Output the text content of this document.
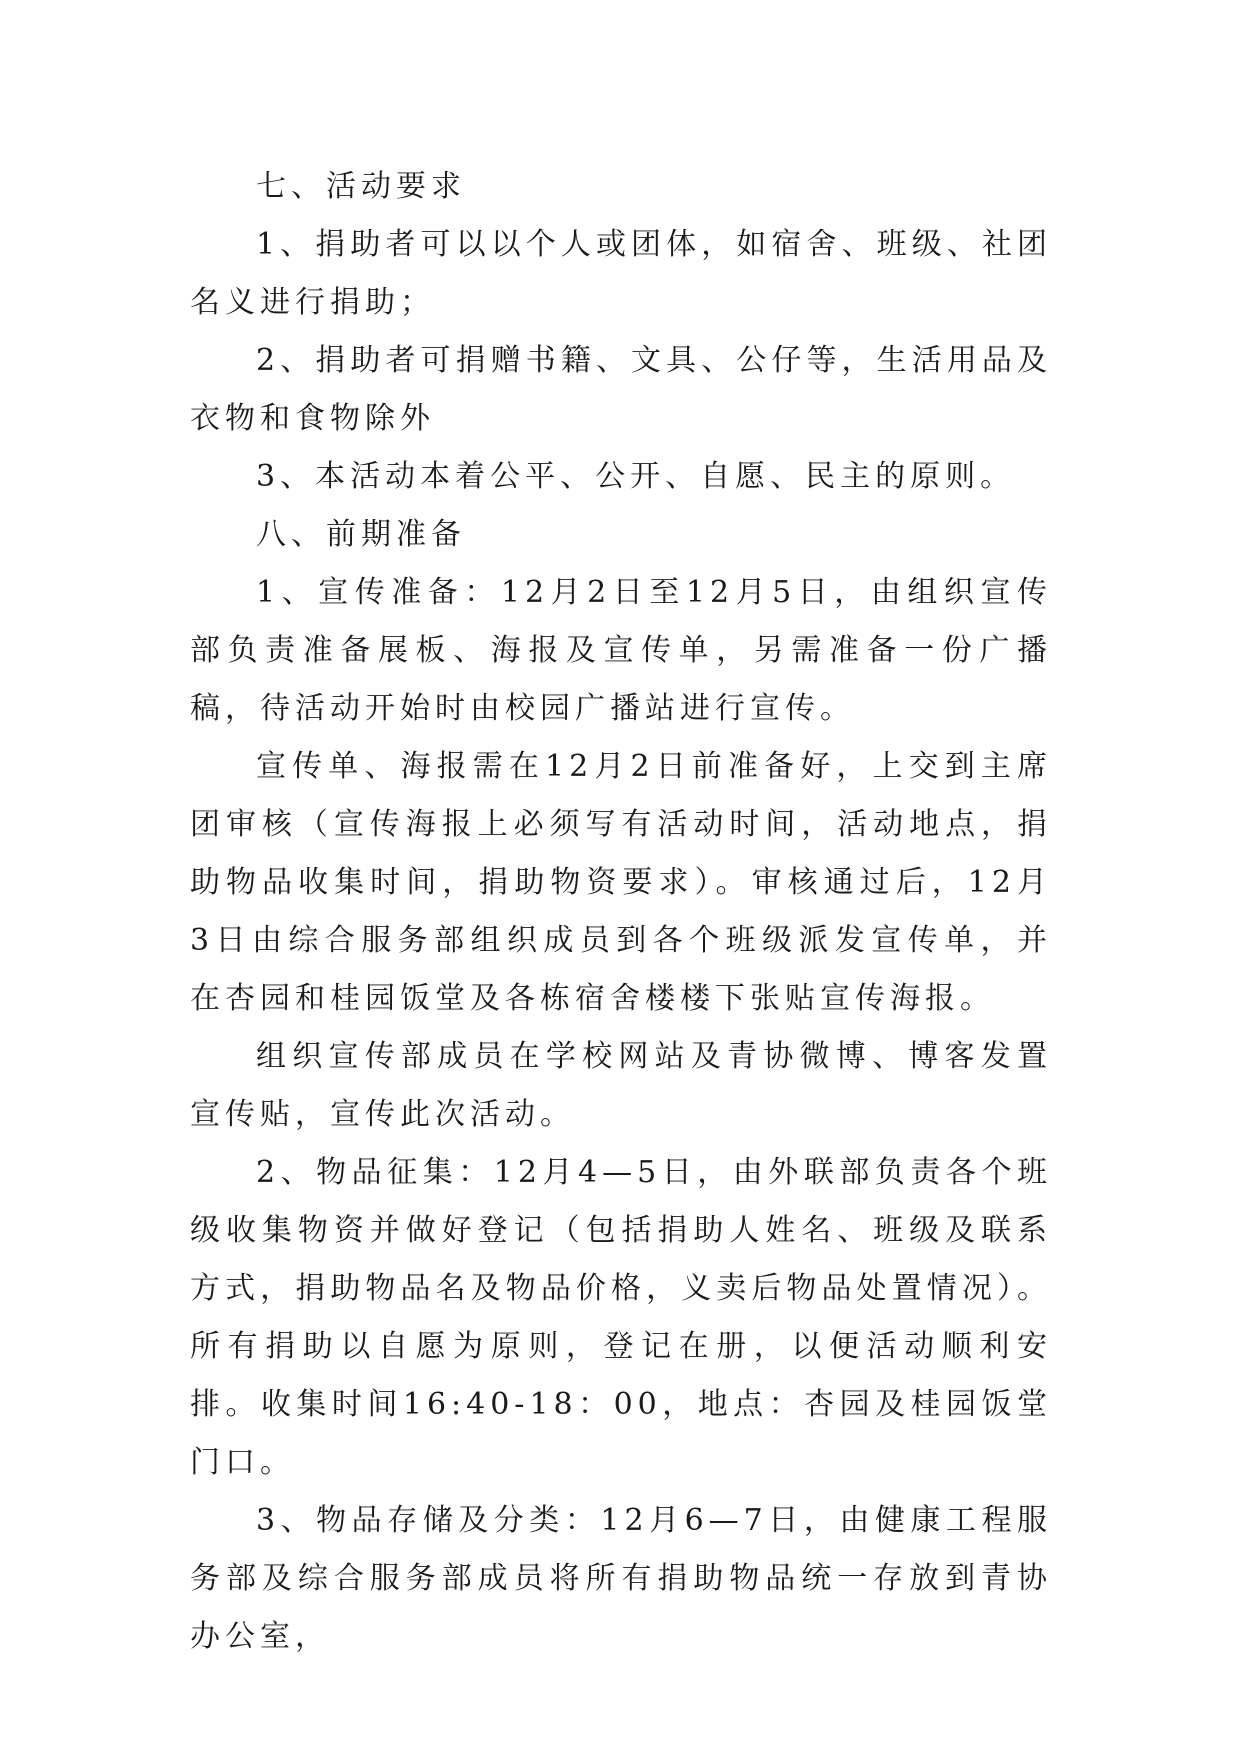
七、活动要求

1、捐助者可以以个人或团体，如宿舍、班级、社团名义进行捐助；

2、捐助者可捐赠书籍、文具、公仔等，生活用品及衣物和食物除外

3、本活动本着公平、公开、自愿、民主的原则。

八、前期准备

1、宣传准备：12月2日至12月5日，由组织宣传部负责准备展板、海报及宣传单，另需准备一份广播稿，待活动开始时由校园广播站进行宣传。

宣传单、海报需在12月2日前准备好，上交到主席团审核（宣传海报上必须写有活动时间，活动地点，捐助物品收集时间，捐助物资要求）。审核通过后，12月3日由综合服务部组织成员到各个班级派发宣传单，并在杏园和桂园饭堂及各栋宿舍楼楼下张贴宣传海报。

组织宣传部成员在学校网站及青协微博、博客发置宣传贴，宣传此次活动。

2、物品征集：12月4—5日，由外联部负责各个班级收集物资并做好登记（包括捐助人姓名、班级及联系方式，捐助物品名及物品价格，义卖后物品处置情况）。所有捐助以自愿为原则，登记在册，以便活动顺利安排。收集时间16:40-18：00，地点：杏园及桂园饭堂门口。

3、物品存储及分类：12月6—7日，由健康工程服务部及综合服务部成员将所有捐助物品统一存放到青协办公室，
